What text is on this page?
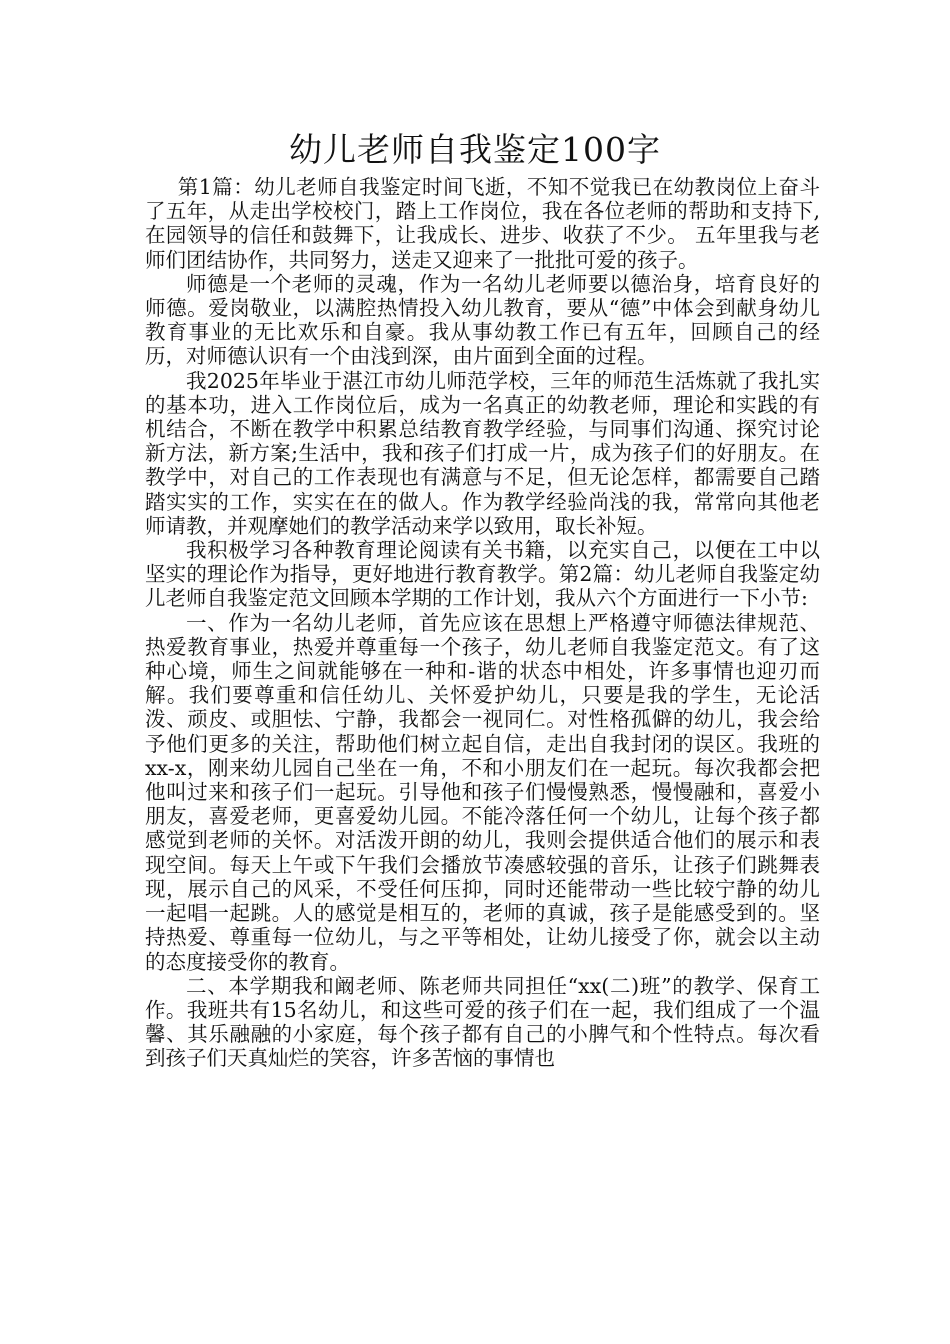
幼儿老师自我鉴定100字

第1篇：幼儿老师自我鉴定时间飞逝，不知不觉我已在幼教岗位上奋斗了五年，从走出学校校门，踏上工作岗位，我在各位老师的帮助和支持下,在园领导的信任和鼓舞下，让我成长、进步、收获了不少。 五年里我与老师们团结协作，共同努力，送走又迎来了一批批可爱的孩子。

师德是一个老师的灵魂，作为一名幼儿老师要以德治身，培育良好的师德。爱岗敬业，以满腔热情投入幼儿教育，要从“德”中体会到献身幼儿教育事业的无比欢乐和自豪。我从事幼教工作已有五年，回顾自己的经历，对师德认识有一个由浅到深，由片面到全面的过程。

我2025年毕业于湛江市幼儿师范学校，三年的师范生活炼就了我扎实的基本功，进入工作岗位后，成为一名真正的幼教老师，理论和实践的有机结合，不断在教学中积累总结教育教学经验，与同事们沟通、探究讨论新方法，新方案;生活中，我和孩子们打成一片，成为孩子们的好朋友。在教学中，对自己的工作表现也有满意与不足，但无论怎样，都需要自己踏踏实实的工作，实实在在的做人。作为教学经验尚浅的我，常常向其他老师请教，并观摩她们的教学活动来学以致用，取长补短。

我积极学习各种教育理论阅读有关书籍，以充实自己，以便在工中以坚实的理论作为指导，更好地进行教育教学。第2篇：幼儿老师自我鉴定幼儿老师自我鉴定范文回顾本学期的工作计划，我从六个方面进行一下小节:

一、作为一名幼儿老师，首先应该在思想上严格遵守师德法律规范、热爱教育事业，热爱并尊重每一个孩子，幼儿老师自我鉴定范文。有了这种心境，师生之间就能够在一种和-谐的状态中相处，许多事情也迎刃而解。我们要尊重和信任幼儿、关怀爱护幼儿，只要是我的学生，无论活泼、顽皮、或胆怯、宁静，我都会一视同仁。对性格孤僻的幼儿，我会给予他们更多的关注，帮助他们树立起自信，走出自我封闭的误区。我班的xx-x，刚来幼儿园自己坐在一角，不和小朋友们在一起玩。每次我都会把他叫过来和孩子们一起玩。引导他和孩子们慢慢熟悉，慢慢融和，喜爱小朋友，喜爱老师，更喜爱幼儿园。不能冷落任何一个幼儿，让每个孩子都感觉到老师的关怀。对活泼开朗的幼儿，我则会提供适合他们的展示和表现空间。每天上午或下午我们会播放节凑感较强的音乐，让孩子们跳舞表现，展示自己的风采，不受任何压抑，同时还能带动一些比较宁静的幼儿一起唱一起跳。人的感觉是相互的，老师的真诚，孩子是能感受到的。坚持热爱、尊重每一位幼儿，与之平等相处，让幼儿接受了你，就会以主动的态度接受你的教育。

二、本学期我和阚老师、陈老师共同担任“xx(二)班”的教学、保育工作。我班共有15名幼儿，和这些可爱的孩子们在一起，我们组成了一个温馨、其乐融融的小家庭，每个孩子都有自己的小脾气和个性特点。每次看到孩子们天真灿烂的笑容，许多苦恼的事情也
